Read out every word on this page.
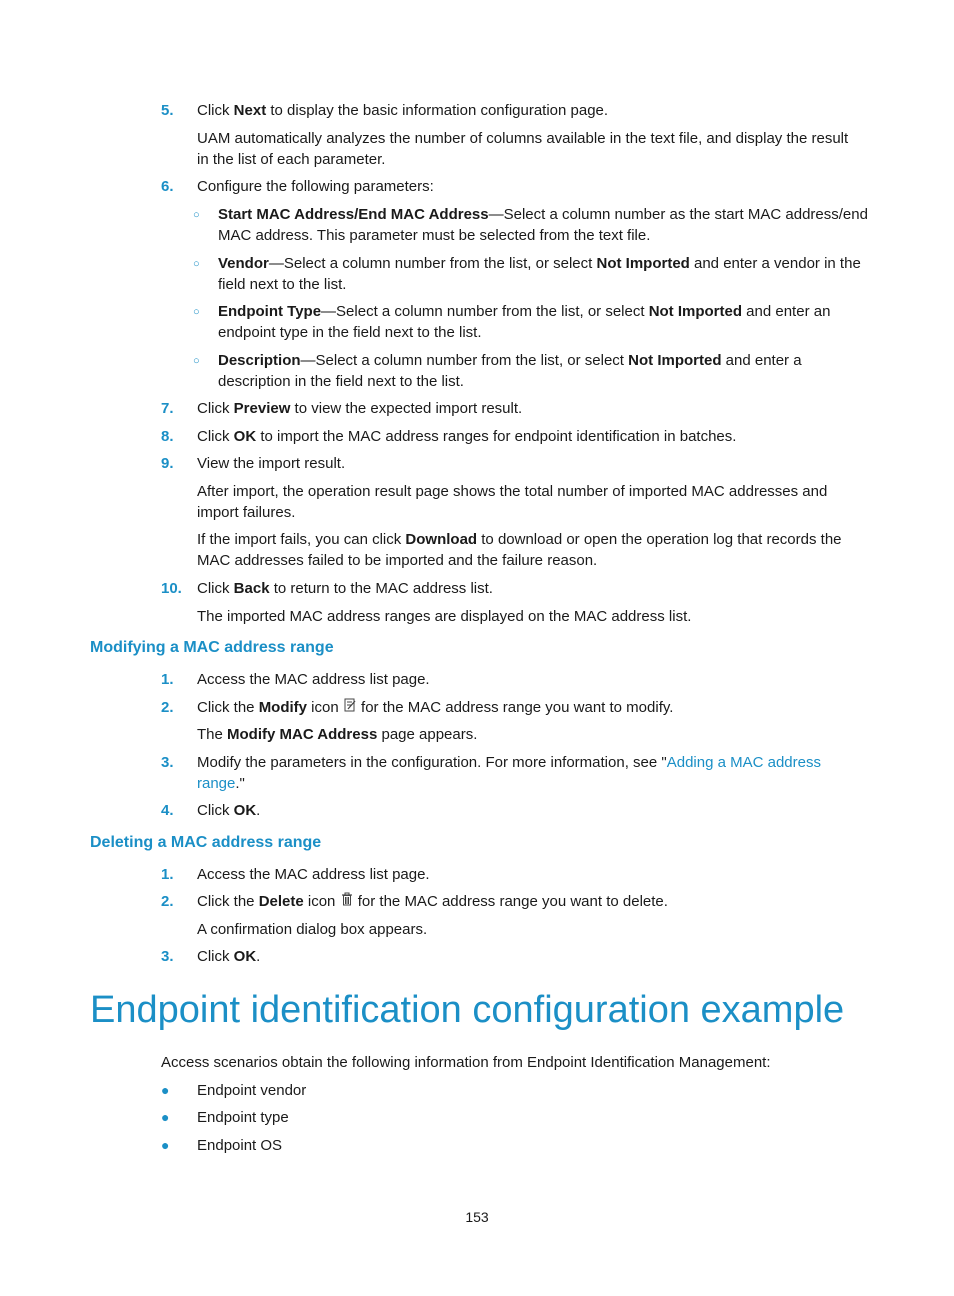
5.	Click Next to display the basic information configuration page.
UAM automatically analyzes the number of columns available in the text file, and display the result
in the list of each parameter.
6.	Configure the following parameters:
○ Start MAC Address/End MAC Address—Select a column number as the start MAC address/end
MAC address. This parameter must be selected from the text file.
○ Vendor—Select a column number from the list, or select Not Imported and enter a vendor in the
field next to the list.
○ Endpoint Type—Select a column number from the list, or select Not Imported and enter an
endpoint type in the field next to the list.
○ Description—Select a column number from the list, or select Not Imported and enter a
description in the field next to the list.
7.	Click Preview to view the expected import result.
8.	Click OK to import the MAC address ranges for endpoint identification in batches.
9.	View the import result.
After import, the operation result page shows the total number of imported MAC addresses and
import failures.
If the import fails, you can click Download to download or open the operation log that records the
MAC addresses failed to be imported and the failure reason.
10.	Click Back to return to the MAC address list.
The imported MAC address ranges are displayed on the MAC address list.
Modifying a MAC address range
1.	Access the MAC address list page.
2.	Click the Modify icon  for the MAC address range you want to modify.
The Modify MAC Address page appears.
3.	Modify the parameters in the configuration. For more information, see "Adding a MAC address
range."
4.	Click OK.
Deleting a MAC address range
1.	Access the MAC address list page.
2.	Click the Delete icon  for the MAC address range you want to delete.
A confirmation dialog box appears.
3.	Click OK.
Endpoint identification configuration example
Access scenarios obtain the following information from Endpoint Identification Management:
● Endpoint vendor
● Endpoint type
● Endpoint OS
153
